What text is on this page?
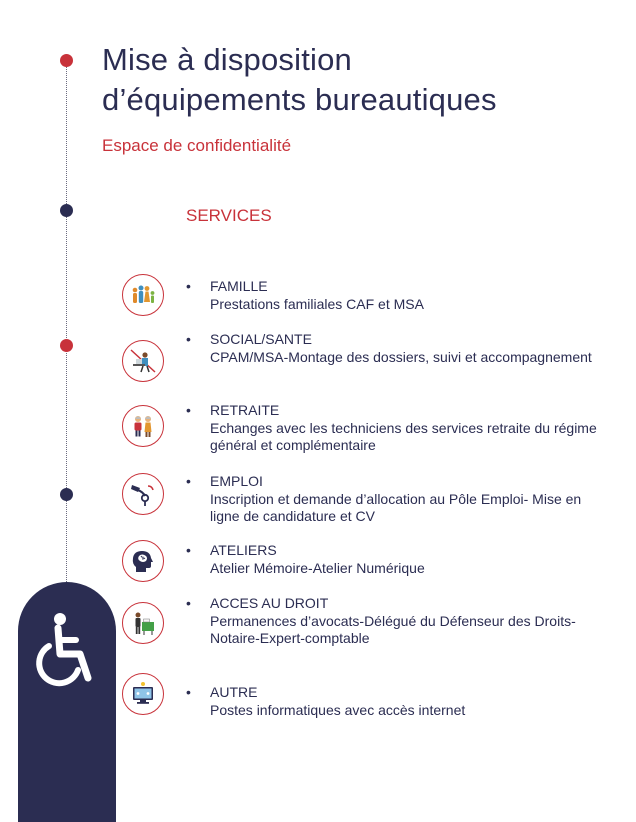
Mise à disposition
d’équipements bureautiques
Espace de confidentialité
SERVICES
• FAMILLE
Prestations familiales CAF et MSA
• SOCIAL/SANTE
CPAM/MSA-Montage des dossiers, suivi et accompagnement
• RETRAITE
Echanges avec les techniciens des services retraite du régime général et complémentaire
• EMPLOI
Inscription et demande d’allocation au Pôle Emploi- Mise en ligne de candidature et CV
• ATELIERS
Atelier Mémoire-Atelier Numérique
• ACCES AU DROIT
Permanences d’avocats-Délégué du Défenseur des Droits-Notaire-Expert-comptable
• AUTRE
Postes informatiques avec accès internet
